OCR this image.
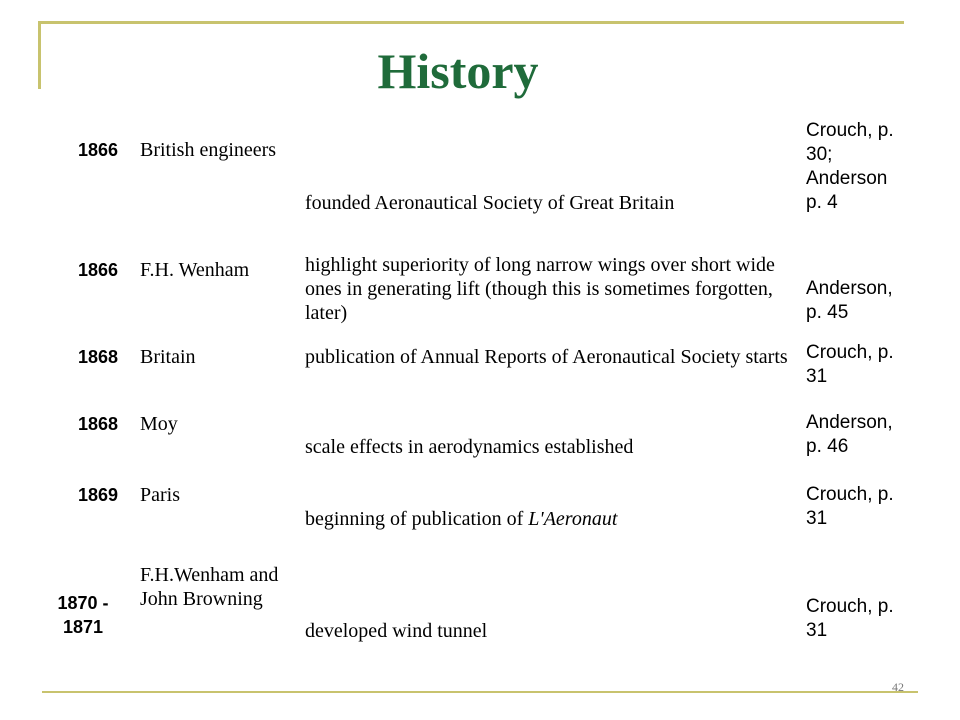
History
1866	British engineers	founded Aeronautical Society of Great Britain	Crouch, p. 30; Anderson p. 4
1866	F.H. Wenham	highlight superiority of long narrow wings over short wide ones in generating lift (though this is sometimes forgotten, later)	Anderson, p. 45
1868	Britain	publication of Annual Reports of Aeronautical Society starts	Crouch, p. 31
1868	Moy	scale effects in aerodynamics established	Anderson, p. 46
1869	Paris	beginning of publication of L'Aeronaut	Crouch, p. 31
1870 - 1871	F.H.Wenham and John Browning	developed wind tunnel	Crouch, p. 31
42
